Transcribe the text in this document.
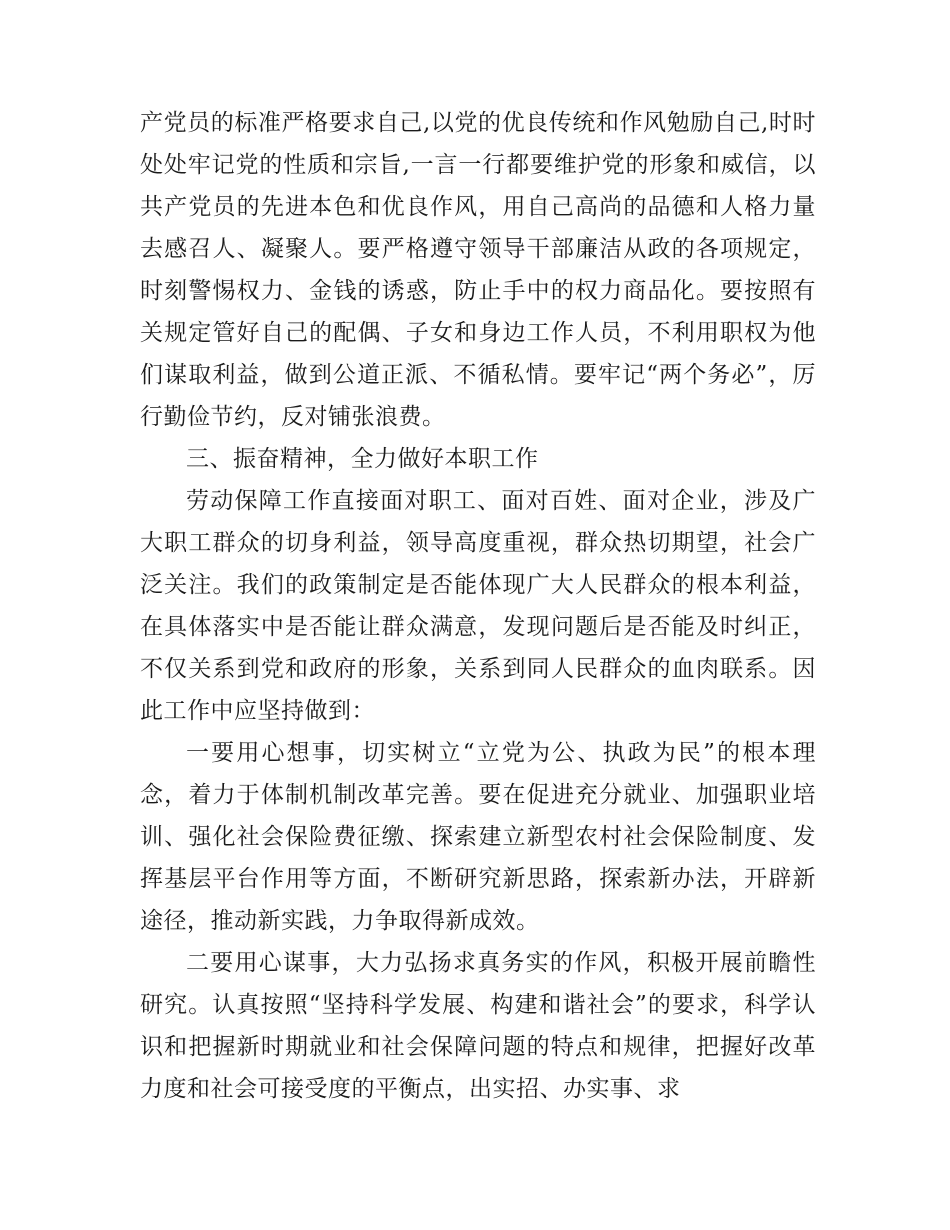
产党员的标准严格要求自己,以党的优良传统和作风勉励自己,时时处处牢记党的性质和宗旨,一言一行都要维护党的形象和威信，以共产党员的先进本色和优良作风，用自己高尚的品德和人格力量去感召人、凝聚人。要严格遵守领导干部廉洁从政的各项规定，时刻警惕权力、金钱的诱惑，防止手中的权力商品化。要按照有关规定管好自己的配偶、子女和身边工作人员，不利用职权为他们谋取利益，做到公道正派、不循私情。要牢记“两个务必”，厉行勤俭节约，反对铺张浪费。

三、振奋精神，全力做好本职工作

劳动保障工作直接面对职工、面对百姓、面对企业，涉及广大职工群众的切身利益，领导高度重视，群众热切期望，社会广泛关注。我们的政策制定是否能体现广大人民群众的根本利益，在具体落实中是否能让群众满意，发现问题后是否能及时纠正，不仅关系到党和政府的形象，关系到同人民群众的血肉联系。因此工作中应坚持做到：

一要用心想事，切实树立“立党为公、执政为民”的根本理念，着力于体制机制改革完善。要在促进充分就业、加强职业培训、强化社会保险费征缴、探索建立新型农村社会保险制度、发挥基层平台作用等方面，不断研究新思路，探索新办法，开辟新途径，推动新实践，力争取得新成效。

二要用心谋事，大力弘扬求真务实的作风，积极开展前瞻性研究。认真按照“坚持科学发展、构建和谐社会”的要求，科学认识和把握新时期就业和社会保障问题的特点和规律，把握好改革力度和社会可接受度的平衡点，出实招、办实事、求
